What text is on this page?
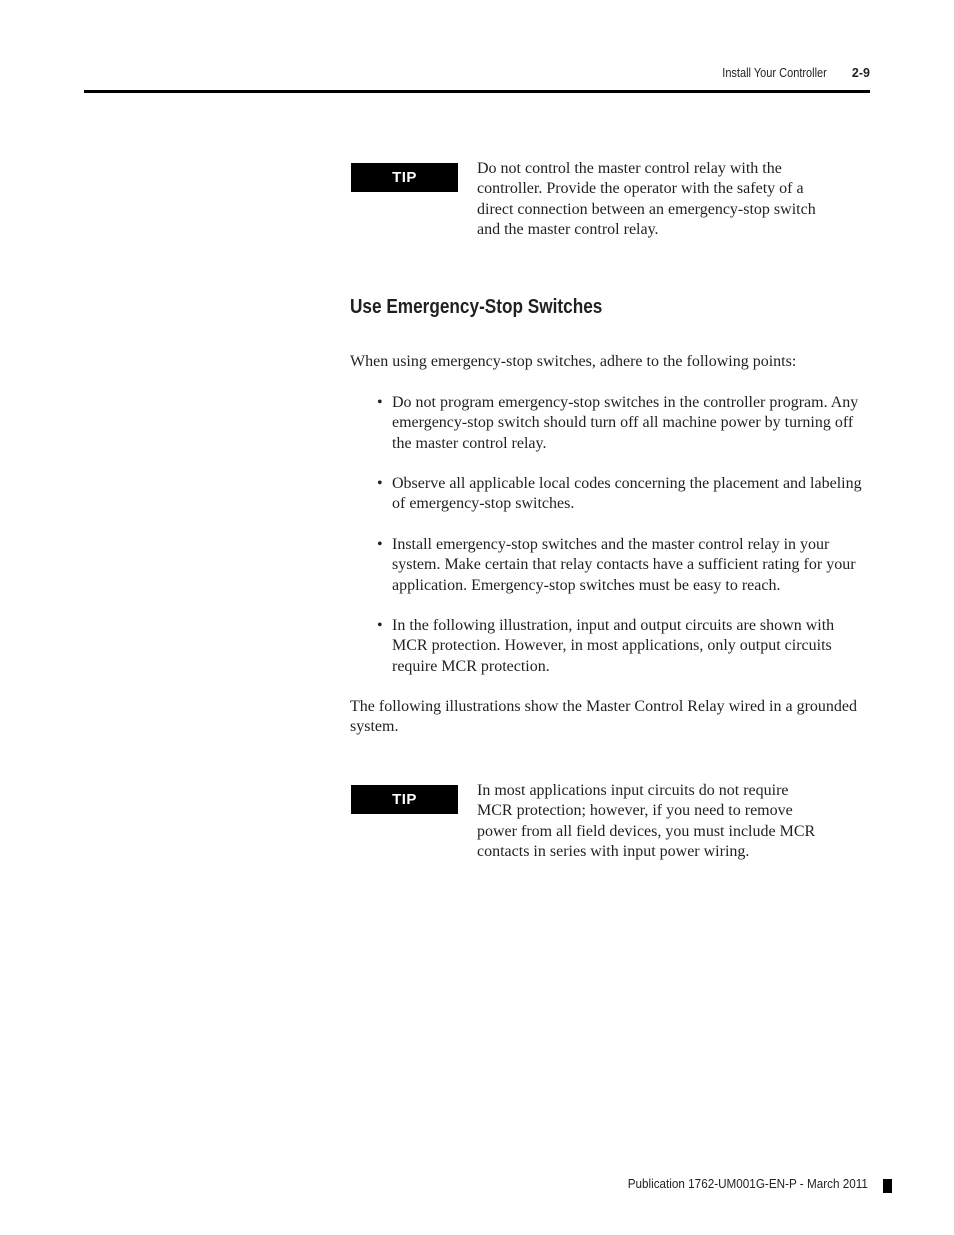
Install Your Controller 2-9
TIP
Do not control the master control relay with the controller. Provide the operator with the safety of a direct connection between an emergency-stop switch and the master control relay.
Use Emergency-Stop Switches
When using emergency-stop switches, adhere to the following points:
• Do not program emergency-stop switches in the controller program. Any emergency-stop switch should turn off all machine power by turning off the master control relay.
• Observe all applicable local codes concerning the placement and labeling of emergency-stop switches.
• Install emergency-stop switches and the master control relay in your system. Make certain that relay contacts have a sufficient rating for your application. Emergency-stop switches must be easy to reach.
• In the following illustration, input and output circuits are shown with MCR protection. However, in most applications, only output circuits require MCR protection.
The following illustrations show the Master Control Relay wired in a grounded system.
TIP
In most applications input circuits do not require MCR protection; however, if you need to remove power from all field devices, you must include MCR contacts in series with input power wiring.
Publication 1762-UM001G-EN-P - March 2011
